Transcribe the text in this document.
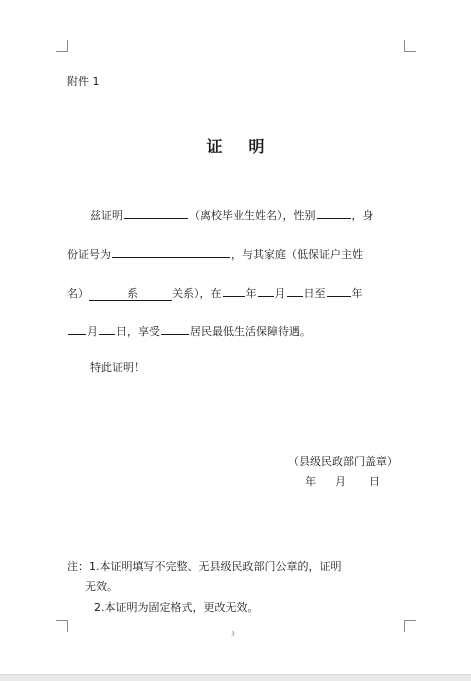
附件 1
证 明
兹证明	（离校毕业生姓名），性别	，身
份证号为	，与其家庭（低保证户主姓
名）	系	关系），在 年 月 日至 年
月 日，享受	居民最低生活保障待遇。
特此证明！
（县级民政部门盖章）
年 月 日
注：1.本证明填写不完整、无县级民政部门公章的，证明
无效。
2.本证明为固定格式，更改无效。
3
